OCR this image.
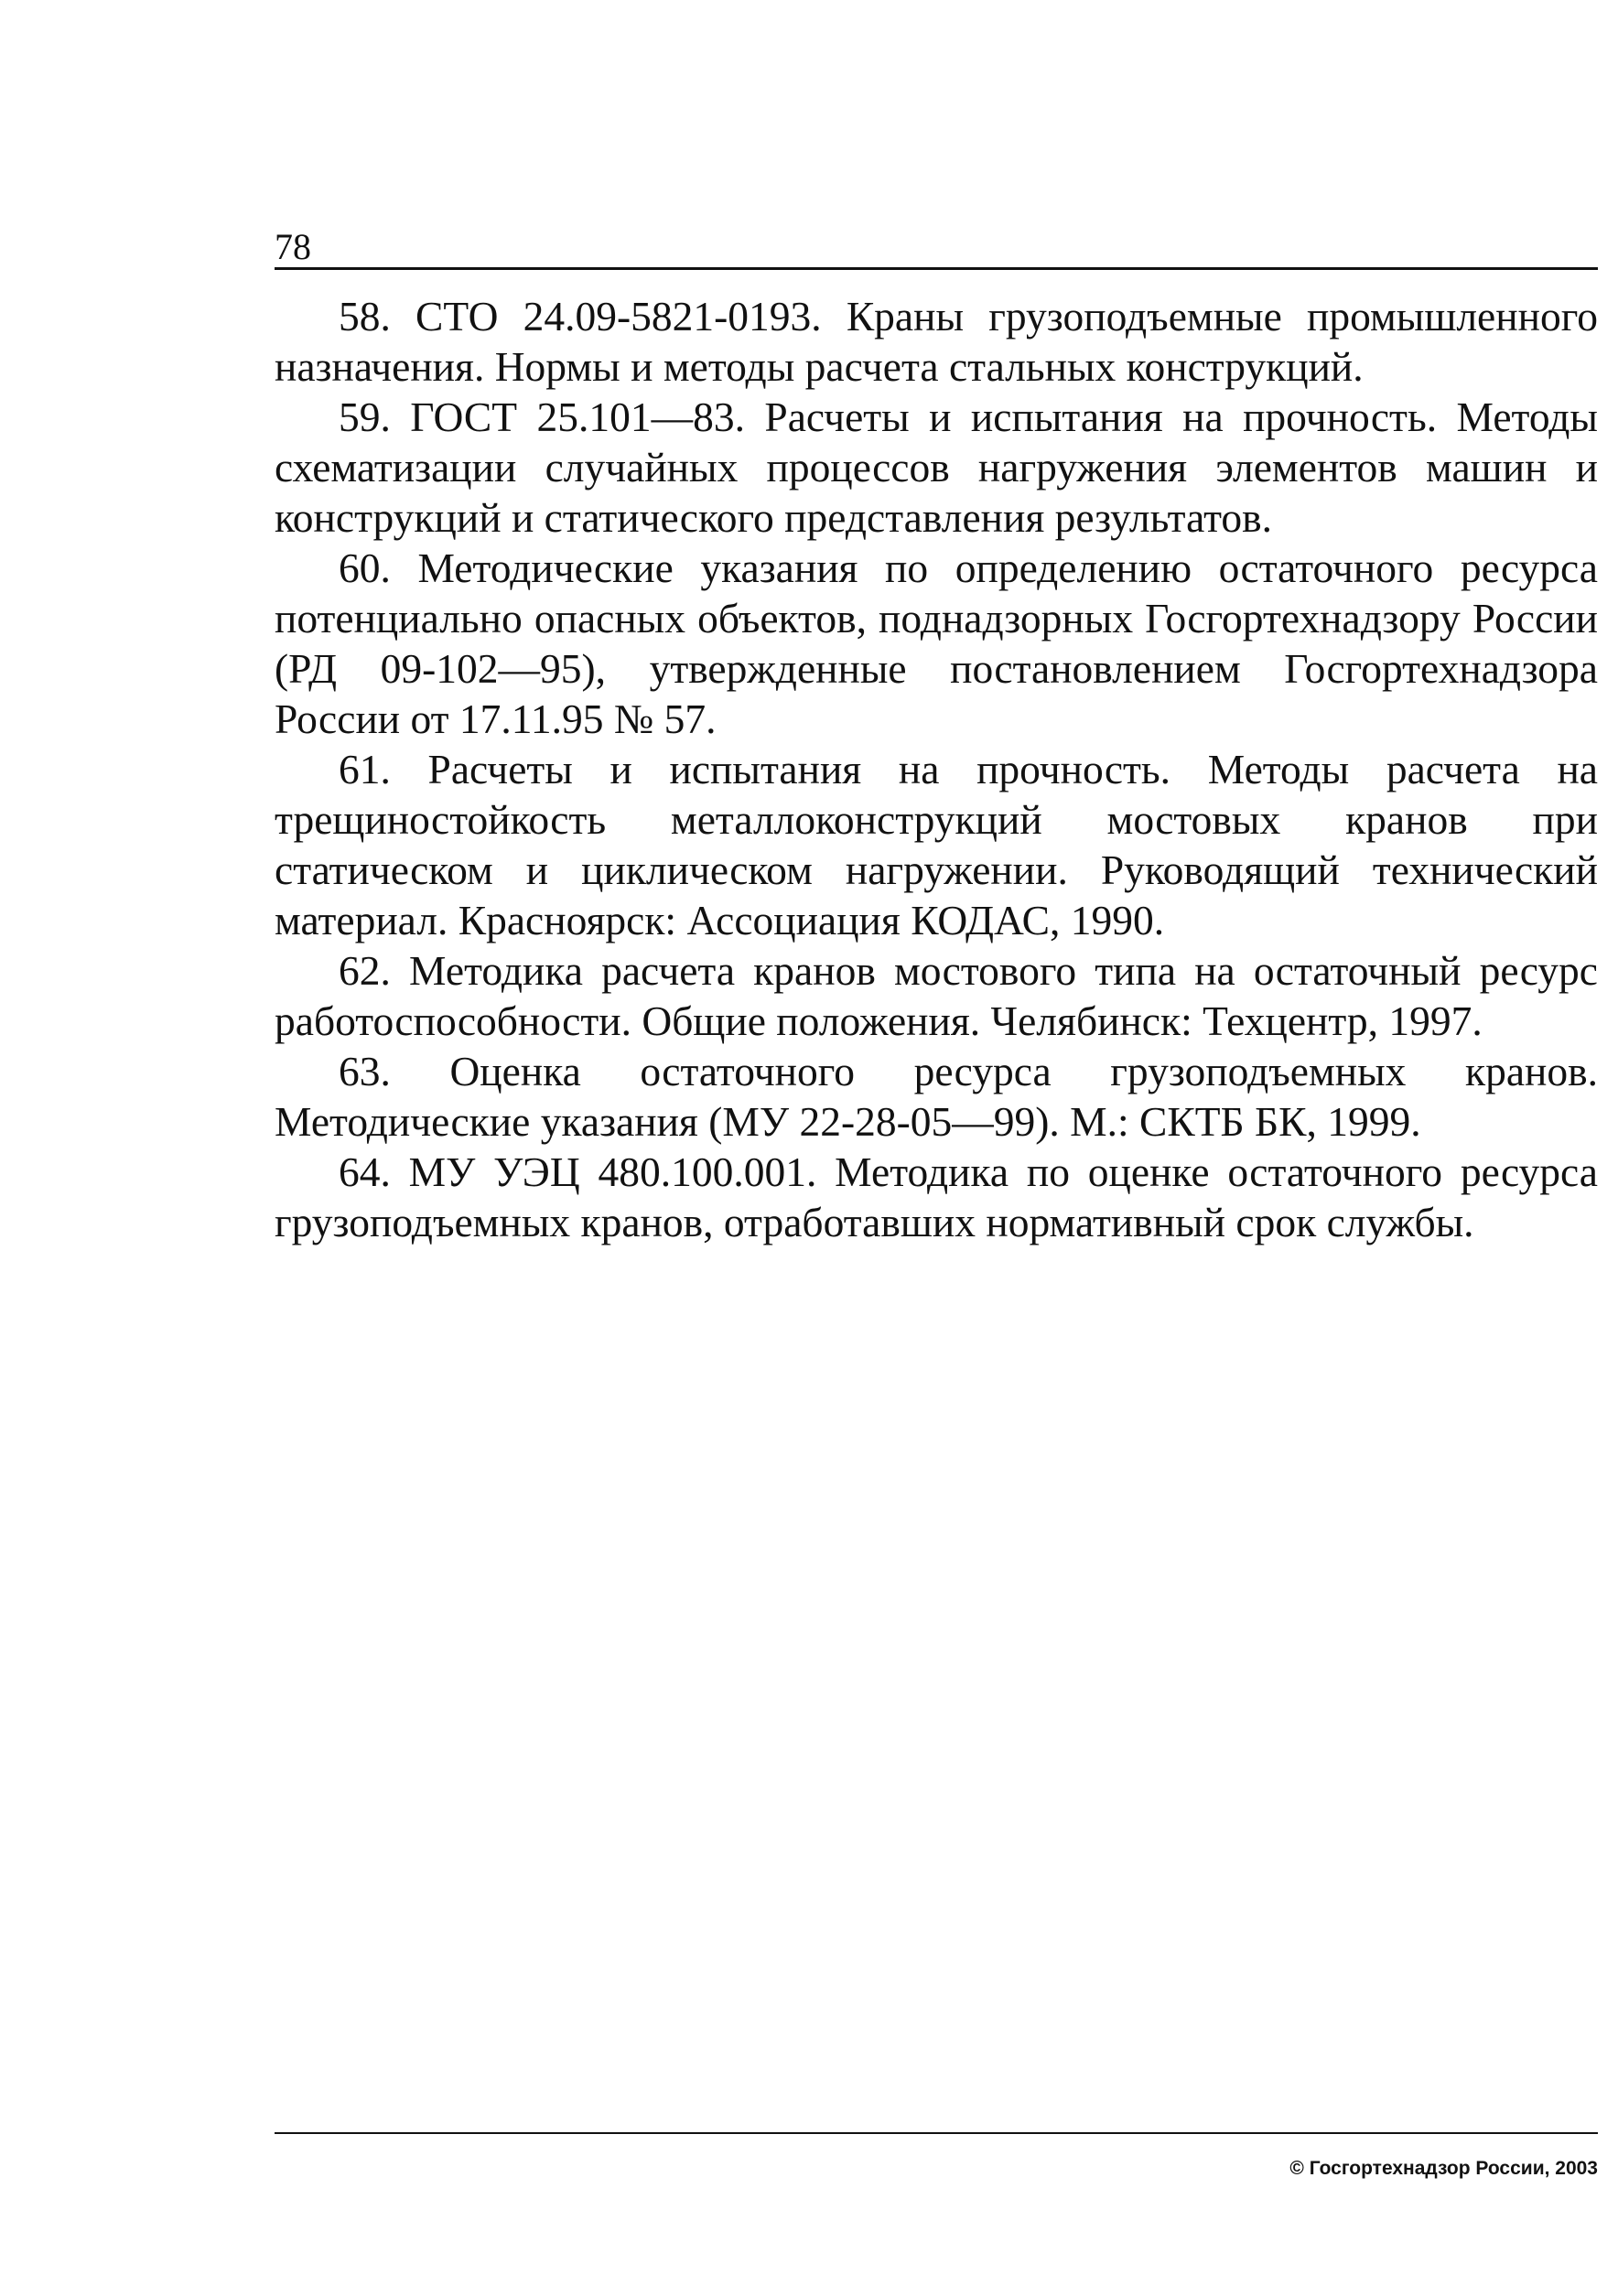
78

58. СТО 24.09-5821-0193. Краны грузоподъемные промышленного назначения. Нормы и методы расчета стальных конструкций.

59. ГОСТ 25.101—83. Расчеты и испытания на прочность. Методы схематизации случайных процессов нагружения элементов машин и конструкций и статического представления результатов.

60. Методические указания по определению остаточного ресурса потенциально опасных объектов, поднадзорных Госгортехнадзору России (РД 09-102—95), утвержденные постановлением Госгортехнадзора России от 17.11.95 № 57.

61. Расчеты и испытания на прочность. Методы расчета на трещиностойкость металлоконструкций мостовых кранов при статическом и циклическом нагружении. Руководящий технический материал. Красноярск: Ассоциация КОДАС, 1990.

62. Методика расчета кранов мостового типа на остаточный ресурс работоспособности. Общие положения. Челябинск: Техцентр, 1997.

63. Оценка остаточного ресурса грузоподъемных кранов. Методические указания (МУ 22-28-05—99). М.: СКТБ БК, 1999.

64. МУ УЭЦ 480.100.001. Методика по оценке остаточного ресурса грузоподъемных кранов, отработавших нормативный срок службы.

© Госгортехнадзор России, 2003
